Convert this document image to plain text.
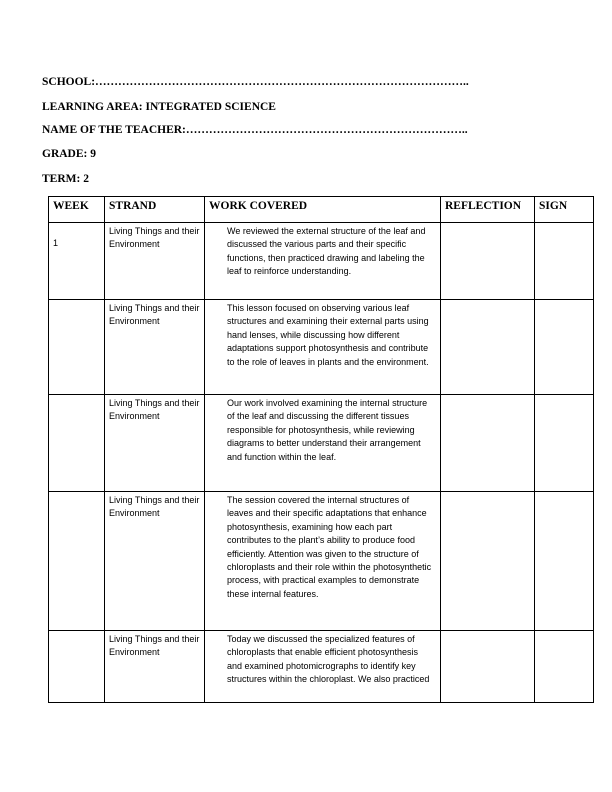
SCHOOL:……………………………………………………………………………………..
LEARNING AREA: INTEGRATED SCIENCE
NAME OF THE TEACHER:………………………………………………………………..
GRADE: 9
TERM: 2
WEEK	STRAND	WORK COVERED	REFLECTION	SIGN
1	Living Things and their Environment	We reviewed the external structure of the leaf and discussed the various parts and their specific functions, then practiced drawing and labeling the leaf to reinforce understanding.		
	Living Things and their Environment	This lesson focused on observing various leaf structures and examining their external parts using hand lenses, while discussing how different adaptations support photosynthesis and contribute to the role of leaves in plants and the environment.		
	Living Things and their Environment	Our work involved examining the internal structure of the leaf and discussing the different tissues responsible for photosynthesis, while reviewing diagrams to better understand their arrangement and function within the leaf.		
	Living Things and their Environment	The session covered the internal structures of leaves and their specific adaptations that enhance photosynthesis, examining how each part contributes to the plant’s ability to produce food efficiently. Attention was given to the structure of chloroplasts and their role within the photosynthetic process, with practical examples to demonstrate these internal features.		
	Living Things and their Environment	Today we discussed the specialized features of chloroplasts that enable efficient photosynthesis and examined photomicrographs to identify key structures within the chloroplast. We also practiced		
